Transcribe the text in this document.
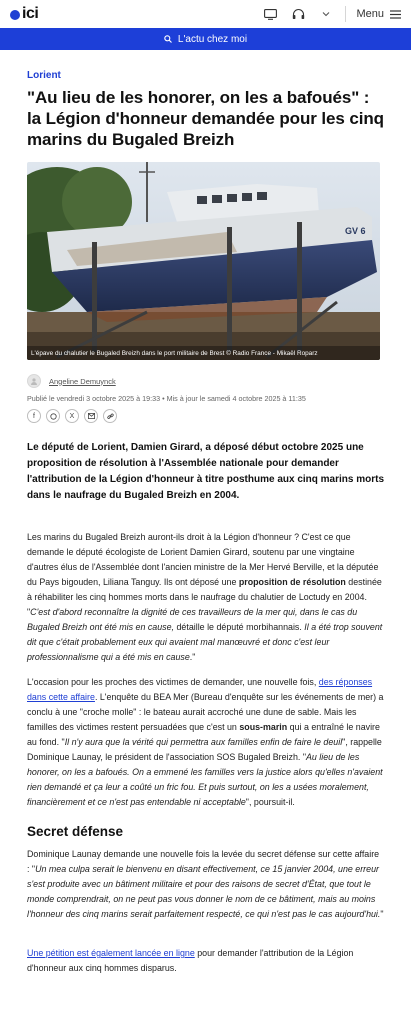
ici	Menu
L'actu chez moi
Lorient
"Au lieu de les honorer, on les a bafoués" : la Légion d'honneur demandée pour les cinq marins du Bugaled Breizh
GV 6
L'épave du chalutier le Bugaled Breizh dans le port militaire de Brest © Radio France - Mikaël Roparz
Angeline Demuynck
Publié le vendredi 3 octobre 2025 à 19:33 • Mis à jour le samedi 4 octobre 2025 à 11:35
f	X

Le député de Lorient, Damien Girard, a déposé début octobre 2025 une proposition de résolution à l'Assemblée nationale pour demander l'attribution de la Légion d'honneur à titre posthume aux cinq marins morts dans le naufrage du Bugaled Breizh en 2004.

Les marins du Bugaled Breizh auront-ils droit à la Légion d'honneur ? C'est ce que demande le député écologiste de Lorient Damien Girard, soutenu par une vingtaine d'autres élus de l'Assemblée dont l'ancien ministre de la Mer Hervé Berville, et la députée du Pays bigouden, Liliana Tanguy. Ils ont déposé une proposition de résolution destinée à réhabiliter les cinq hommes morts dans le naufrage du chalutier de Loctudy en 2004. "C'est d'abord reconnaître la dignité de ces travailleurs de la mer qui, dans le cas du Bugaled Breizh ont été mis en cause, détaille le député morbihannais. Il a été trop souvent dit que c'était probablement eux qui avaient mal manœuvré et donc c'est leur professionnalisme qui a été mis en cause."

L'occasion pour les proches des victimes de demander, une nouvelle fois, des réponses dans cette affaire. L'enquête du BEA Mer (Bureau d'enquête sur les événements de mer) a conclu à une "croche molle" : le bateau aurait accroché une dune de sable. Mais les familles des victimes restent persuadées que c'est un sous-marin qui a entraîné le navire au fond. "Il n'y aura que la vérité qui permettra aux familles enfin de faire le deuil", rappelle Dominique Launay, le président de l'association SOS Bugaled Breizh. "Au lieu de les honorer, on les a bafoués. On a emmené les familles vers la justice alors qu'elles n'avaient rien demandé et ça leur a coûté un fric fou. Et puis surtout, on les a usées moralement, financièrement et ce n'est pas entendable ni acceptable", poursuit-il.

Secret défense

Dominique Launay demande une nouvelle fois la levée du secret défense sur cette affaire : "Un mea culpa serait le bienvenu en disant effectivement, ce 15 janvier 2004, une erreur s'est produite avec un bâtiment militaire et pour des raisons de secret d'État, que tout le monde comprendrait, on ne peut pas vous donner le nom de ce bâtiment, mais au moins l'honneur des cinq marins serait parfaitement respecté, ce qui n'est pas le cas aujourd'hui."

Une pétition est également lancée en ligne pour demander l'attribution de la Légion d'honneur aux cinq hommes disparus.
